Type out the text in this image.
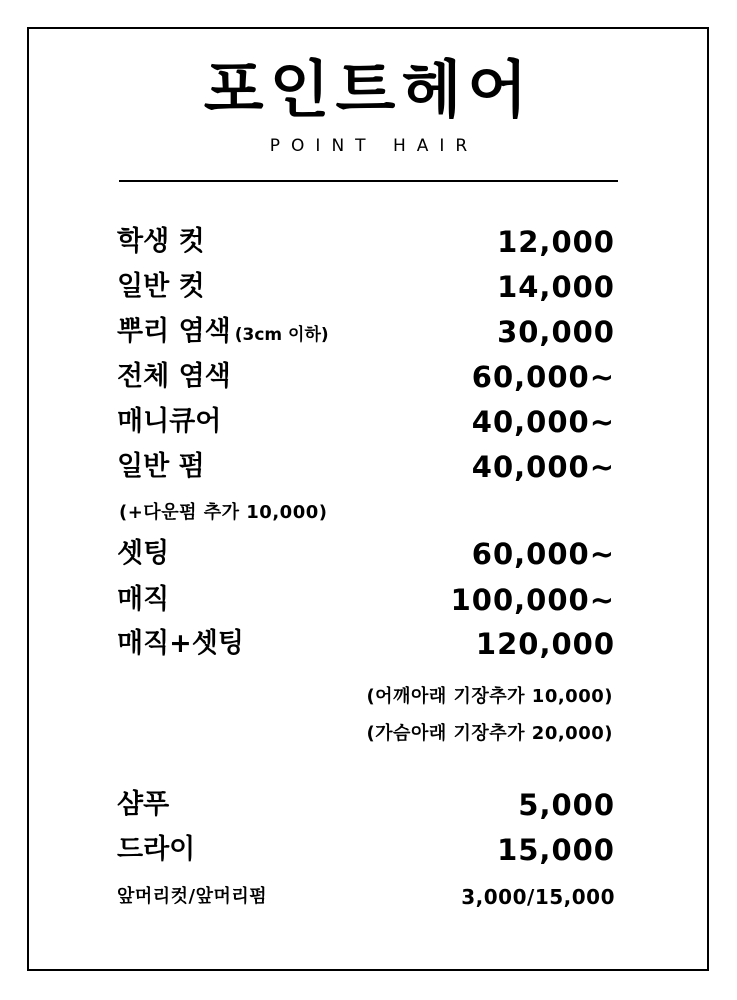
포인트헤어
POINT HAIR
학생 컷	12,000
일반 컷	14,000
뿌리 염색 (3cm 이하)	30,000
전체 염색	60,000~
매니큐어	40,000~
일반 펌	40,000~
(+다운펌 추가 10,000)
셋팅	60,000~
매직	100,000~
매직+셋팅	120,000
(어깨아래 기장추가 10,000)
(가슴아래 기장추가 20,000)
샴푸	5,000
드라이	15,000
앞머리컷/앞머리펌	3,000/15,000
